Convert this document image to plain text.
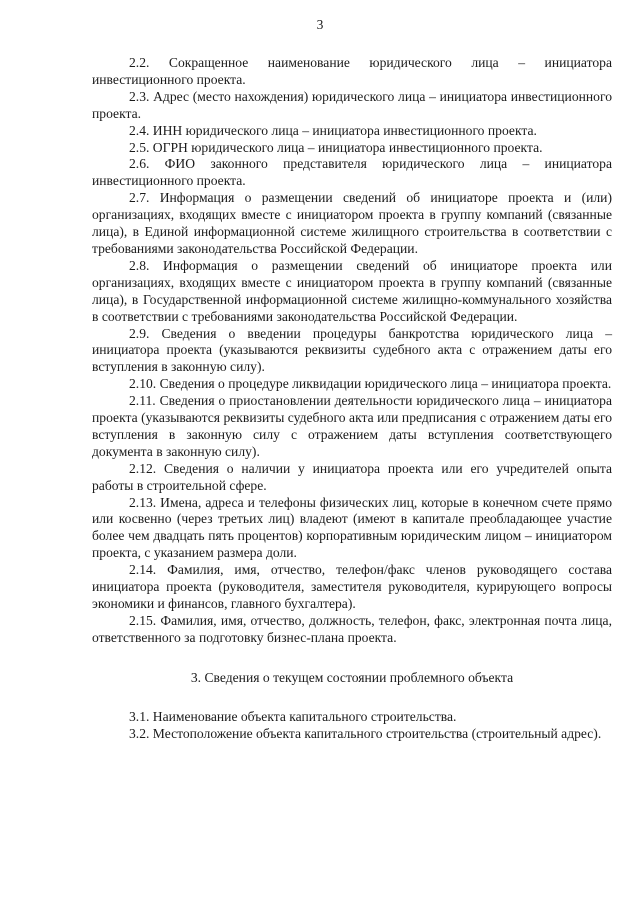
3

2.2. Сокращенное наименование юридического лица – инициатора инвестиционного проекта.

2.3. Адрес (место нахождения) юридического лица – инициатора инвестиционного проекта.

2.4. ИНН юридического лица – инициатора инвестиционного проекта.

2.5. ОГРН юридического лица – инициатора инвестиционного проекта.

2.6. ФИО законного представителя юридического лица – инициатора инвестиционного проекта.

2.7. Информация о размещении сведений об инициаторе проекта и (или) организациях, входящих вместе с инициатором проекта в группу компаний (связанные лица), в Единой информационной системе жилищного строительства в соответствии с требованиями законодательства Российской Федерации.

2.8. Информация о размещении сведений об инициаторе проекта или организациях, входящих вместе с инициатором проекта в группу компаний (связанные лица), в Государственной информационной системе жилищно-коммунального хозяйства в соответствии с требованиями законодательства Российской Федерации.

2.9. Сведения о введении процедуры банкротства юридического лица – инициатора проекта (указываются реквизиты судебного акта с отражением даты его вступления в законную силу).

2.10. Сведения о процедуре ликвидации юридического лица – инициатора проекта.

2.11. Сведения о приостановлении деятельности юридического лица – инициатора проекта (указываются реквизиты судебного акта или предписания с отражением даты его вступления в законную силу с отражением даты вступления соответствующего документа в законную силу).

2.12. Сведения о наличии у инициатора проекта или его учредителей опыта работы в строительной сфере.

2.13. Имена, адреса и телефоны физических лиц, которые в конечном счете прямо или косвенно (через третьих лиц) владеют (имеют в капитале преобладающее участие более чем двадцать пять процентов) корпоративным юридическим лицом – инициатором проекта, с указанием размера доли.

2.14. Фамилия, имя, отчество, телефон/факс членов руководящего состава инициатора проекта (руководителя, заместителя руководителя, курирующего вопросы экономики и финансов, главного бухгалтера).

2.15. Фамилия, имя, отчество, должность, телефон, факс, электронная почта лица, ответственного за подготовку бизнес-плана проекта.

3. Сведения о текущем состоянии проблемного объекта

3.1. Наименование объекта капитального строительства.

3.2. Местоположение объекта капитального строительства (строительный адрес).
